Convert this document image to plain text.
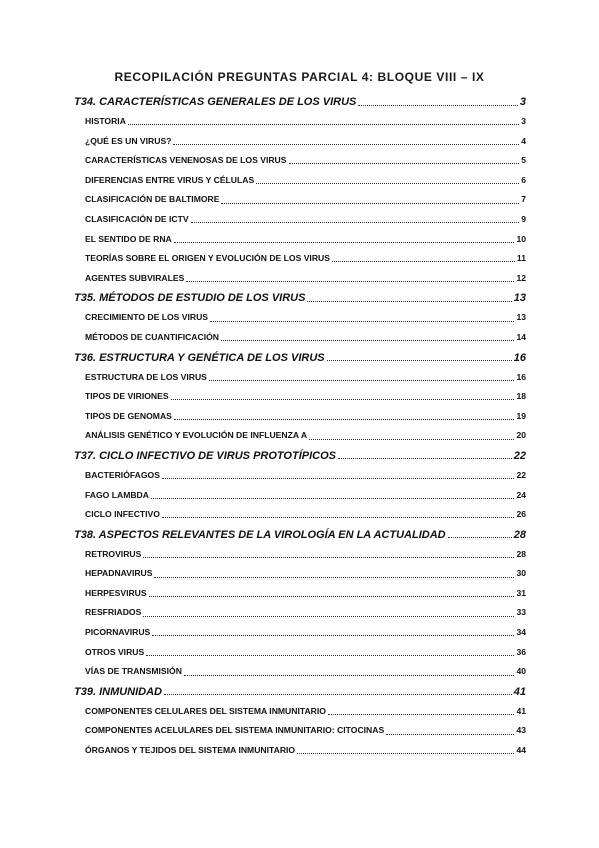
RECOPILACIÓN PREGUNTAS PARCIAL 4: BLOQUE VIII – IX
T34. CARACTERÍSTICAS GENERALES DE LOS VIRUS	3
HISTORIA	3
¿QUÉ ES UN VIRUS?	4
CARACTERÍSTICAS VENENOSAS DE LOS VIRUS	5
DIFERENCIAS ENTRE VIRUS Y CÉLULAS	6
CLASIFICACIÓN DE BALTIMORE	7
CLASIFICACIÓN DE ICTV	9
EL SENTIDO DE RNA	10
TEORÍAS SOBRE EL ORIGEN Y EVOLUCIÓN DE LOS VIRUS	11
AGENTES SUBVIRALES	12
T35. MÉTODOS DE ESTUDIO DE LOS VIRUS	13
CRECIMIENTO DE LOS VIRUS	13
MÉTODOS DE CUANTIFICACIÓN	14
T36. ESTRUCTURA Y GENÉTICA DE LOS VIRUS	16
ESTRUCTURA DE LOS VIRUS	16
TIPOS DE VIRIONES	18
TIPOS DE GENOMAS	19
ANÁLISIS GENÉTICO Y EVOLUCIÓN DE INFLUENZA A	20
T37. CICLO INFECTIVO DE VIRUS PROTOTÍPICOS	22
BACTERIÓFAGOS	22
FAGO LAMBDA	24
CICLO INFECTIVO	26
T38. ASPECTOS RELEVANTES DE LA VIROLOGÍA EN LA ACTUALIDAD	28
RETROVIRUS	28
HEPADNAVIRUS	30
HERPESVIRUS	31
RESFRIADOS	33
PICORNAVIRUS	34
OTROS VIRUS	36
VÍAS DE TRANSMISIÓN	40
T39. INMUNIDAD	41
COMPONENTES CELULARES DEL SISTEMA INMUNITARIO	41
COMPONENTES ACELULARES DEL SISTEMA INMUNITARIO: CITOCINAS	43
ÓRGANOS Y TEJIDOS DEL SISTEMA INMUNITARIO	44
